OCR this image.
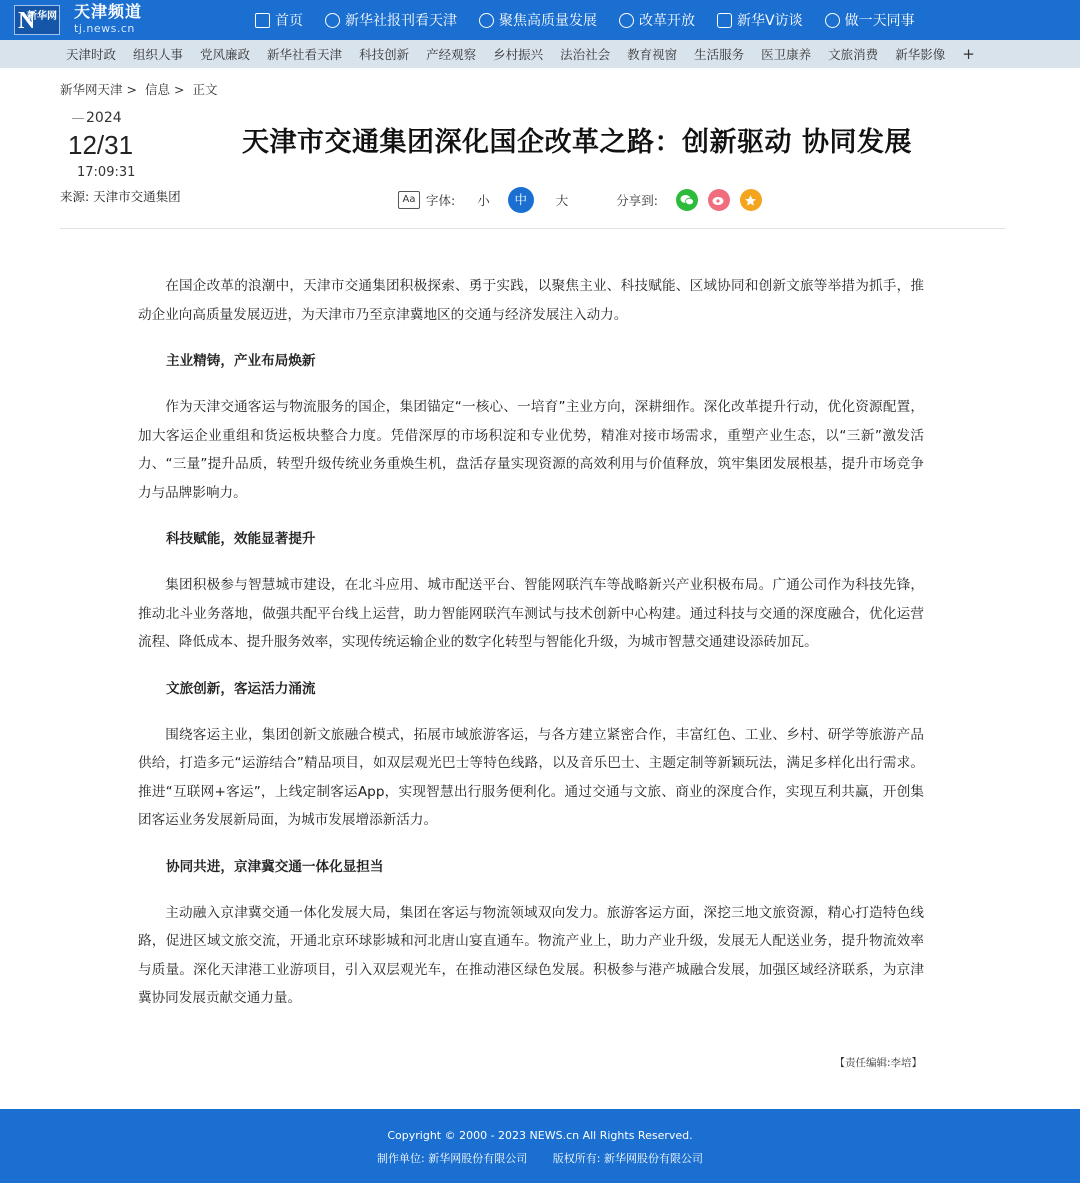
N
新华网 天津频道
tj.news.cn	首页	新华社报刊看天津	聚焦高质量发展	改革开放	新华V访谈	做一天同事
天津时政 组织人事 党风廉政 新华社看天津 科技创新 产经观察 乡村振兴 法治社会 教育视窗 生活服务 医卫康养 文旅消费 新华影像 +
新华网天津 > 信息 > 正文
2024
12/31
17:09:31
来源: 天津市交通集团
天津市交通集团深化国企改革之路：创新驱动 协同发展
Aa 字体: 小	中	大	分享到:

在国企改革的浪潮中，天津市交通集团积极探索、勇于实践，以聚焦主业、科技赋能、区域协同和创新文旅等举措为抓手，推动企业向高质量发展迈进，为天津市乃至京津冀地区的交通与经济发展注入动力。

主业精铸，产业布局焕新

作为天津交通客运与物流服务的国企，集团锚定“一核心、一培育”主业方向，深耕细作。深化改革提升行动，优化资源配置，加大客运企业重组和货运板块整合力度。凭借深厚的市场积淀和专业优势，精准对接市场需求，重塑产业生态，以“三新”激发活力、“三量”提升品质，转型升级传统业务重焕生机，盘活存量实现资源的高效利用与价值释放，筑牢集团发展根基，提升市场竞争力与品牌影响力。

科技赋能，效能显著提升

集团积极参与智慧城市建设，在北斗应用、城市配送平台、智能网联汽车等战略新兴产业积极布局。广通公司作为科技先锋，推动北斗业务落地，做强共配平台线上运营，助力智能网联汽车测试与技术创新中心构建。通过科技与交通的深度融合，优化运营流程、降低成本、提升服务效率，实现传统运输企业的数字化转型与智能化升级，为城市智慧交通建设添砖加瓦。

文旅创新，客运活力涌流

围绕客运主业，集团创新文旅融合模式，拓展市域旅游客运，与各方建立紧密合作，丰富红色、工业、乡村、研学等旅游产品供给，打造多元“运游结合”精品项目，如双层观光巴士等特色线路，以及音乐巴士、主题定制等新颖玩法，满足多样化出行需求。推进“互联网+客运”，上线定制客运App，实现智慧出行服务便利化。通过交通与文旅、商业的深度合作，实现互利共赢，开创集团客运业务发展新局面，为城市发展增添新活力。

协同共进，京津冀交通一体化显担当

主动融入京津冀交通一体化发展大局，集团在客运与物流领域双向发力。旅游客运方面，深挖三地文旅资源，精心打造特色线路，促进区域文旅交流，开通北京环球影城和河北唐山宴直通车。物流产业上，助力产业升级，发展无人配送业务，提升物流效率与质量。深化天津港工业游项目，引入双层观光车，在推动港区绿色发展。积极参与港产城融合发展，加强区域经济联系，为京津冀协同发展贡献交通力量。

【责任编辑:李培】
Copyright © 2000 - 2023 NEWS.cn All Rights Reserved.
制作单位: 新华网股份有限公司 版权所有: 新华网股份有限公司
